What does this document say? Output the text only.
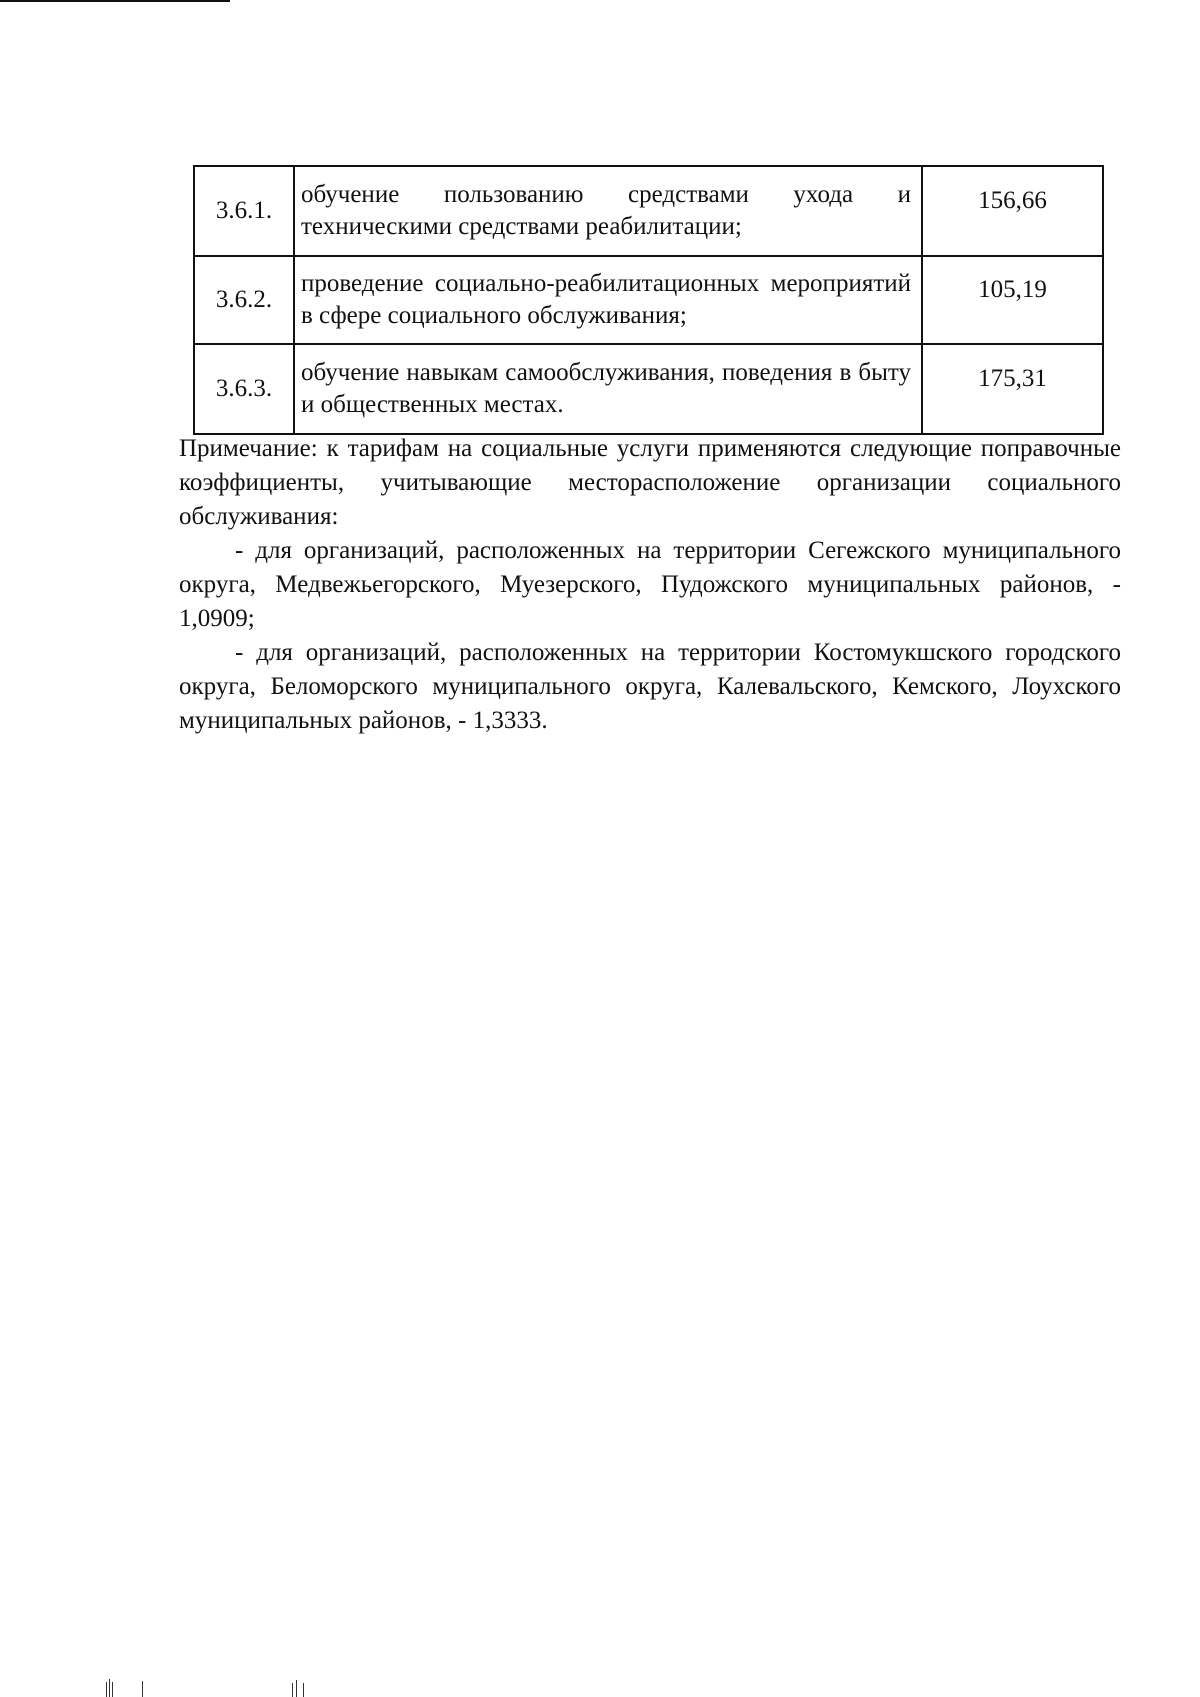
3.6.1.	обучение пользованию средствами ухода и техническими средствами реабилитации;	156,66

3.6.2.	проведение социально-реабилитационных мероприятий в сфере социального обслуживания;	105,19

3.6.3.	обучение навыкам самообслуживания, поведения в быту и общественных местах.	175,31

Примечание: к тарифам на социальные услуги применяются следующие поправочные коэффициенты, учитывающие месторасположение организации социального обслуживания:

- для организаций, расположенных на территории Сегежского муниципального округа, Медвежьегорского, Муезерского, Пудожского муниципальных районов, - 1,0909;

- для организаций, расположенных на территории Костомукшского городского округа, Беломорского муниципального округа, Калевальского, Кемского, Лоухского муниципальных районов, - 1,3333.
